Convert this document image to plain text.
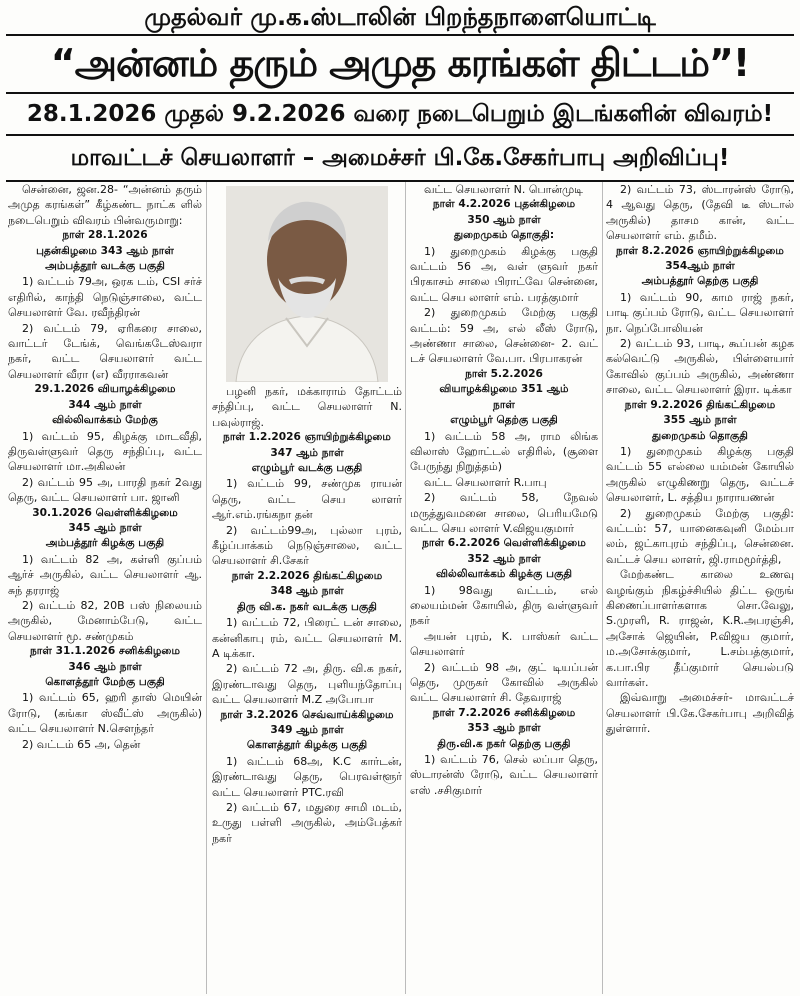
முதல்வர் மு.க.ஸ்டாலின் பிறந்தநாளையொட்டி
“அன்னம் தரும் அமுத கரங்கள் திட்டம்”!
28.1.2026 முதல் 9.2.2026 வரை நடைபெறும் இடங்களின் விவரம்!
மாவட்டச் செயலாளர் – அமைச்சர் பி.கே.சேகர்பாபு அறிவிப்பு!

சென்னை, ஜன.28- “அன்னம் தரும் அமுத கரங்கள்” கீழ்கண்ட நாட்க ளில் நடைபெறும் விவரம் பின்வருமாறு:

நாள் 28.1.2026

புதன்கிழமை 343 ஆம் நாள்

அம்பத்தூர் வடக்கு பகுதி

1) வட்டம் 79அ, ஒரக டம், CSI சர்ச் எதிரில், காந்தி நெடுஞ்சாலை, வட்ட செயலாளர் வே. ரவீந்திரன்

2) வட்டம் 79, ஏரிகரை சாலை, வாட்டர் டேங்க், வெங்கடேஸ்வரா நகர், வட்ட செயலாளர் வட்ட செயலாளர் வீரா (எ) வீரராகவன்

29.1.2026 வியாழக்கிழமை

344 ஆம் நாள்

வில்லிவாக்கம் மேற்கு

1) வட்டம் 95, கிழக்கு மாடவீதி, திருவள்ளுவர் தெரு சந்திப்பு, வட்ட செயலாளர் மா.அகிலன்

2) வட்டம் 95 அ, பாரதி நகர் 2வது தெரு, வட்ட செயலாளர் பா. ஜானி

30.1.2026 வெள்ளிக்கிழமை

345 ஆம் நாள்

அம்பத்தூர் கிழக்கு பகுதி

1) வட்டம் 82 அ, கள்ளி குப்பம் ஆர்ச் அருகில், வட்ட செயலாளர் ஆ. சுந் தரராஜ்

2) வட்டம் 82, 20B பஸ் நிலையம் அருகில், மேனாம்பேடு, வட்ட செயலாளர் மூ. சண்முகம்

நாள் 31.1.2026 சனிக்கிழமை

346 ஆம் நாள்

கொளத்தூர் மேற்கு பகுதி

1) வட்டம் 65, ஹரி தாஸ் மெயின் ரோடு, (கங்கா ஸ்வீட்ஸ் அருகில்) வட்ட செயலாளர் N.சௌந்தர்

2) வட்டம் 65 அ, தென்

பழனி நகர், மக்காராம் தோட்டம் சந்திப்பு, வட்ட செயலாளர் N. பவுல்ராஜ்.

நாள் 1.2.2026 ஞாயிற்றுக்கிழமை

347 ஆம் நாள்

எழும்பூர் வடக்கு பகுதி

1) வட்டம் 99, சண்முக ராயன் தெரு, வட்ட செய லாளர் ஆர்.எம்.ரங்கநா தன்

2) வட்டம்99அ, புல்லா புரம், கீழ்ப்பாக்கம் நெடுஞ்சாலை, வட்ட செயலாளர் சி.சேகர்

நாள் 2.2.2026 திங்கட்கிழமை

348 ஆம் நாள்

திரு வி.க. நகர் வடக்கு பகுதி

1) வட்டம் 72, பிரைட் டன் சாலை, கன்னிகாபு ரம், வட்ட செயலாளர் M. A டிக்கா.

2) வட்டம் 72 அ, திரு. வி.க நகர், இரண்டாவது தெரு, புளியந்தோப்பு வட்ட செயலாளர் M.Z அபோபா

நாள் 3.2.2026 செவ்வாய்க்கிழமை

349 ஆம் நாள்

கொளத்தூர் கிழக்கு பகுதி

1) வட்டம் 68அ, K.C கார்டன், இரண்டாவது தெரு, பெரவள்ளூர் வட்ட செயலாளர் PTC.ரவி

2) வட்டம் 67, மதுரை சாமி மடம், உருது பள்ளி அருகில், அம்பேத்கர் நகர்

வட்ட செயலாளர் N. பொன்முடி

நாள் 4.2.2026 புதன்கிழமை

350 ஆம் நாள்

துறைமுகம் தொகுதி:

1) துறைமுகம் கிழக்கு பகுதி வட்டம் 56 அ, வள் ளுவர் நகர் பிரகாசம் சாலை பிராட்வே சென்னை, வட்ட செய லாளர் எம். பரத்குமார்

2) துறைமுகம் மேற்கு பகுதி வட்டம்: 59 அ, எல் லீஸ் ரோடு, அண்ணா சாலை, சென்னை- 2. வட் டச் செயலாளர் வே.பா. பிரபாகரன்

நாள் 5.2.2026

வியாழக்கிழமை 351 ஆம்

நாள்

எழும்பூர் தெற்கு பகுதி

1) வட்டம் 58 அ, ராம லிங்க விலாஸ் ஹோட்டல் எதிரில், (சூளை பேருந்து நிறுத்தம்)

வட்ட செயலாளர் R.பாபு

2) வட்டம் 58, நேவல் மருத்துவமனை சாலை, பெரியமேடு வட்ட செய லாளர் V.விஜயகுமார்

நாள் 6.2.2026 வெள்ளிக்கிழமை

352 ஆம் நாள்

வில்லிவாக்கம் கிழக்கு பகுதி

1) 98வது வட்டம், எல் லையம்மன் கோயில், திரு வள்ளுவர் நகர்

அயன் புரம், K. பாஸ்கர் வட்ட செயலாளர்

2) வட்டம் 98 அ, குட் டியப்பன் தெரு, முருகர் கோவில் அருகில் வட்ட செயலாளர் சி. தேவராஜ்

நாள் 7.2.2026 சனிக்கிழமை

353 ஆம் நாள்

திரு.வி.க நகர் தெற்கு பகுதி

1) வட்டம் 76, செல் லப்பா தெரு, ஸ்டாரன்ஸ் ரோடு, வட்ட செயலாளர் எஸ் .சசிகுமார்

2) வட்டம் 73, ஸ்டாரன்ஸ் ரோடு, 4 ஆவது தெரு, (தேவி டீ ஸ்டால் அருகில்) தாசம கான், வட்ட செயலாளர் எம். தமீம்.

நாள் 8.2.2026 ஞாயிற்றுக்கிழமை

354ஆம் நாள்

அம்பத்தூர் தெற்கு பகுதி

1) வட்டம் 90, காம ராஜ் நகர், பாடி குப்பம் ரோடு, வட்ட செயலாளர் நா. நெப்போலியன்

2) வட்டம் 93, பாடி, கூப்பன் கழக கல்வெட்டு அருகில், பிள்ளையார் கோவில் குப்பம் அருகில், அண்ணா சாலை, வட்ட செயலாளர் இரா. டிக்கா

நாள் 9.2.2026 திங்கட்கிழமை

355 ஆம் நாள்

துறைமுகம் தொகுதி

1) துறைமுகம் கிழக்கு பகுதி வட்டம் 55 எல்லை யம்மன் கோயில் அருகில் எழுகிணறு தெரு, வட்டச் செயலாளர், L. சத்திய நாராயணன்

2) துறைமுகம் மேற்கு பகுதி: வட்டம்: 57, யானைகவுனி மேம்பா லம், ஜட்காபுரம் சந்திப்பு, சென்னை. வட்டச் செய லாளர், ஜி.ராமமூர்த்தி,

மேற்கண்ட காலை உணவு வழங்கும் நிகழ்ச்சியில் திட்ட ஒருங் கிணைப்பாளர்களாக சொ.வேலு, S.முரளி, R. ராஜன், K.R.அபரஞ்சி, அசோக் ஜெயின், P.விஜய குமார், ம.அசோக்குமார், L.சம்பத்குமார், க.பா.பிர தீப்குமார் செயல்படு வார்கள்.

இவ்வாறு அமைச்சர்- மாவட்டச் செயலாளர் பி.கே.சேகர்பாபு அறிவித் துள்ளார்.
